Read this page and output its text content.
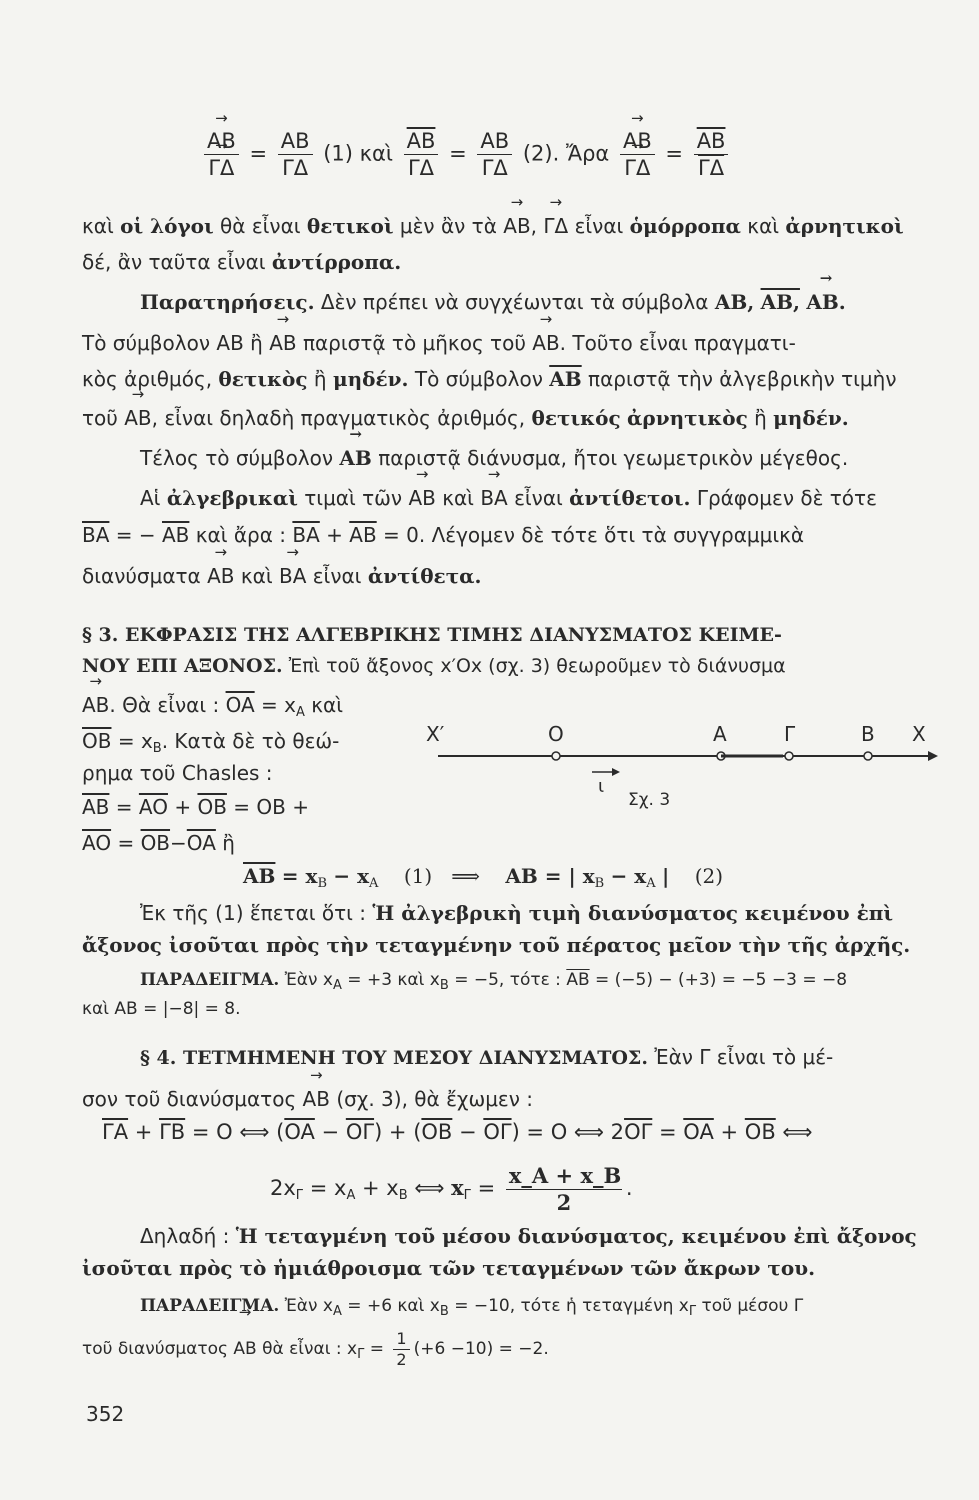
→ AB
→ $\Gamma\Delta = \frac{AB}{\Gamma\Delta} (1)$ καὶ $\frac{\overline{AB}}{\Gamma\Delta} = \frac{AB}{\Gamma\Delta} (2)$. Ἄρα → AB
→ $\Gamma\Delta = \frac{\overline{AB}}{\Gamma\Delta}$
καὶ οἱ λόγοι θὰ εἶναι θετικοὶ μὲν ἂν τὰ → AB, → ΓΔ εἶναι ὁμόρροπα καὶ ἀρνητικοὶ
δέ, ἂν ταῦτα εἶναι ἀντίρροπα.
Παρατηρήσεις. Δὲν πρέπει νὰ συγχέωνται τὰ σύμβολα AB, AB, → AB.
Τὸ σύμβολον AB ἢ → AB παριστᾷ τὸ μῆκος τοῦ → AB. Τοῦτο εἶναι πραγματι-
κὸς ἀριθμός, θετικὸς ἢ μηδέν. Τὸ σύμβολον $\overline{AB}$ παριστᾷ τὴν ἀλγεβρικὴν τιμὴν
τοῦ → AB, εἶναι δηλαδὴ πραγματικὸς ἀριθμός, θετικός ἀρνητικὸς ἢ μηδέν.
Τέλος τὸ σύμβολον → AB παριστᾷ διάνυσμα, ἤτοι γεωμετρικὸν μέγεθος.
Αἱ ἀλγεβρικαὶ τιμαὶ τῶν → AB καὶ → BA εἶναι ἀντίθετοι. Γράφομεν δὲ τότε
$\overline{BA}$ = − $\overline{AB}$ καὶ ἄρα : $\overline{BA} + \overline{AB} = 0$. Λέγομεν δὲ τότε ὅτι τὰ συγγραμμικὰ
διανύσματα → AB καὶ → BA εἶναι ἀντίθετα.
§ 3. ΕΚΦΡΑΣΙΣ ΤΗΣ ΑΛΓΕΒΡΙΚΗΣ ΤΙΜΗΣ ΔΙΑΝΥΣΜΑΤΟΣ ΚΕΙΜΕ-
ΝΟΥ ΕΠΙ ΑΞΟΝΟΣ. Ἐπὶ τοῦ ἄξονος x′Ox (σχ. 3) θεωροῦμεν τὸ διάνυσμα
→ AB. Θὰ εἶναι : $\overline{OA} = x_A$ καὶ
$\overline{OB} = x_B$. Κατὰ δὲ τὸ θεώ-
ρημα τοῦ Chasles :
$\overline{AB} = \overline{AO} + \overline{OB}$ = OB +
$\overline{AO} = \overline{OB}-\overline{OA}$ ἢ
$\overline{AB} = x_B - x_A$ (1) ⟹ AB = | $x_B - x_A$ | (2)
Ἐκ τῆς (1) ἕπεται ὅτι : Ἡ ἀλγεβρικὴ τιμὴ διανύσματος κειμένου ἐπὶ
ἄξονος ἰσοῦται πρὸς τὴν τεταγμένην τοῦ πέρατος μεῖον τὴν τῆς ἀρχῆς.
ΠΑΡΑΔΕΙΓΜΑ. Ἐὰν $x_A = +3$ καὶ $x_B = -5$, τότε : $\overline{AB} = (-5) - (+3) = -5 -3 = -8$
καὶ AB = |−8| = 8.
X′	O	A	Γ	B X
ι
Σχ. 3
§ 4. ΤΕΤΜΗΜΕΝΗ ΤΟΥ ΜΕΣΟΥ ΔΙΑΝΥΣΜΑΤΟΣ. Ἐὰν Γ εἶναι τὸ μέ-
σον τοῦ διανύσματος → AB (σχ. 3), θὰ ἔχωμεν :
$\overline{\Gamma A} + \overline{\Gamma B} = O$ ⟺ $(\overline{OA} - \overline{O\Gamma}) + (\overline{OB} - \overline{O\Gamma}) = O$ ⟺ $2\overline{O\Gamma} = \overline{OA} + \overline{OB}$ ⟺
$2x_\Gamma = x_A + x_B$ ⟺ $x_\Gamma = \frac{x\_A + x\_B}{2}$ .
Δηλαδή : Ἡ τεταγμένη τοῦ μέσου διανύσματος, κειμένου ἐπὶ ἄξονος
ἰσοῦται πρὸς τὸ ἡμιάθροισμα τῶν τεταγμένων τῶν ἄκρων του.
ΠΑΡΑΔΕΙΓΜΑ. Ἐὰν $x_A = +6$ καὶ $x_B = -10$, τότε ἡ τεταγμένη $x_\Gamma$ τοῦ μέσου Γ
τοῦ διανύσματος → AB θὰ εἶναι : $x_\Gamma = \frac{1}{2} (+6 -10) = -2$.
352
